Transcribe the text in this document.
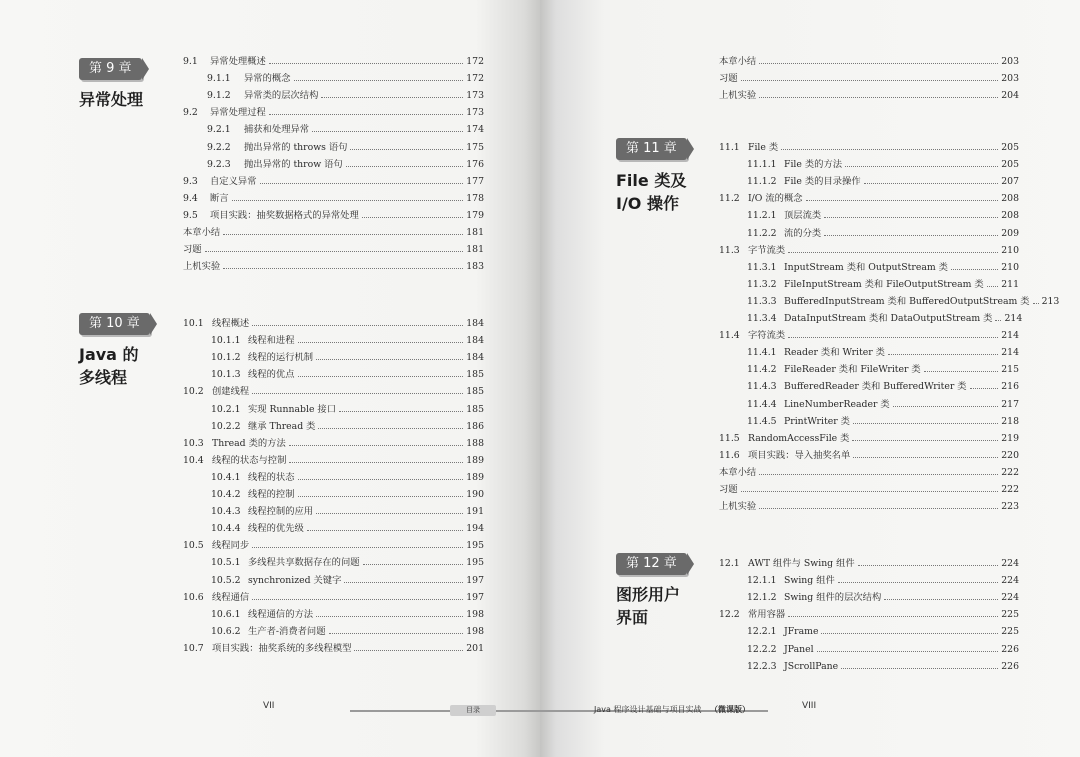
第 9 章
异常处理
9.1	异常处理概述	172
9.1.1	异常的概念	172
9.1.2	异常类的层次结构	173
9.2	异常处理过程	173
9.2.1	捕获和处理异常	174
9.2.2	抛出异常的 throws 语句	175
9.2.3	抛出异常的 throw 语句	176
9.3	自定义异常	177
9.4	断言	178
9.5	项目实践：抽奖数据格式的异常处理	179
本章小结	181
习题	181
上机实验	183
第 10 章
Java 的
多线程
10.1 线程概述	184
10.1.1 线程和进程	184
10.1.2 线程的运行机制	184
10.1.3 线程的优点	185
10.2 创建线程	185
10.2.1 实现 Runnable 接口	185
10.2.2 继承 Thread 类	186
10.3 Thread 类的方法	188
10.4 线程的状态与控制	189
10.4.1 线程的状态	189
10.4.2 线程的控制	190
10.4.3 线程控制的应用	191
10.4.4 线程的优先级	194
10.5 线程同步	195
10.5.1 多线程共享数据存在的问题	195
10.5.2 synchronized 关键字	197
10.6 线程通信	197
10.6.1 线程通信的方法	198
10.6.2 生产者-消费者问题	198
10.7 项目实践：抽奖系统的多线程模型	201
VII	目录
本章小结	203
习题	203
上机实验	204
第 11 章
File 类及
I/O 操作
11.1 File 类	205
11.1.1 File 类的方法	205
11.1.2 File 类的目录操作	207
11.2 I/O 流的概念	208
11.2.1 顶层流类	208
11.2.2 流的分类	209
11.3 字节流类	210
11.3.1 InputStream 类和 OutputStream 类	210
11.3.2 FileInputStream 类和 FileOutputStream 类 211
11.3.3 BufferedInputStream 类和 BufferedOutputStream 类 213
11.3.4 DataInputStream 类和 DataOutputStream 类 214
11.4 字符流类	214
11.4.1 Reader 类和 Writer 类	214
11.4.2 FileReader 类和 FileWriter 类	215
11.4.3 BufferedReader 类和 BufferedWriter 类	216
11.4.4 LineNumberReader 类	217
11.4.5 PrintWriter 类	218
11.5 RandomAccessFile 类	219
11.6 项目实践：导入抽奖名单	220
本章小结	222
习题	222
上机实验	223
第 12 章
图形用户
界面
12.1 AWT 组件与 Swing 组件	224
12.1.1 Swing 组件	224
12.1.2 Swing 组件的层次结构	224
12.2 常用容器	225
12.2.1 JFrame	225
12.2.2 JPanel	226
12.2.3 JScrollPane	226
Java 程序设计基础与项目实战 （微课版）	VIII
